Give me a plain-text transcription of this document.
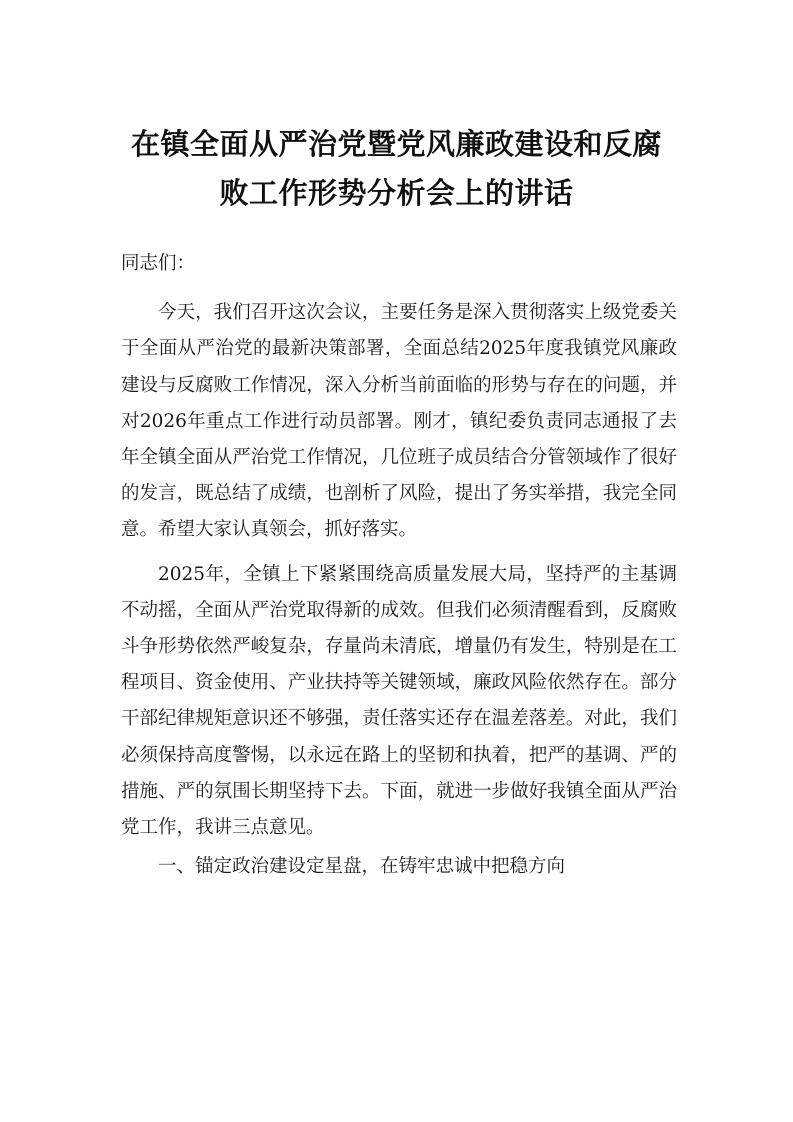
在镇全面从严治党暨党风廉政建设和反腐
败工作形势分析会上的讲话

同志们：

今天，我们召开这次会议，主要任务是深入贯彻落实上级党委关于全面从严治党的最新决策部署，全面总结2025年度我镇党风廉政建设与反腐败工作情况，深入分析当前面临的形势与存在的问题，并对2026年重点工作进行动员部署。刚才，镇纪委负责同志通报了去年全镇全面从严治党工作情况，几位班子成员结合分管领域作了很好的发言，既总结了成绩，也剖析了风险，提出了务实举措，我完全同意。希望大家认真领会，抓好落实。

2025年，全镇上下紧紧围绕高质量发展大局，坚持严的主基调不动摇，全面从严治党取得新的成效。但我们必须清醒看到，反腐败斗争形势依然严峻复杂，存量尚未清底，增量仍有发生，特别是在工程项目、资金使用、产业扶持等关键领域，廉政风险依然存在。部分干部纪律规矩意识还不够强，责任落实还存在温差落差。对此，我们必须保持高度警惕，以永远在路上的坚韧和执着，把严的基调、严的措施、严的氛围长期坚持下去。下面，就进一步做好我镇全面从严治党工作，我讲三点意见。

一、锚定政治建设定星盘，在铸牢忠诚中把稳方向
